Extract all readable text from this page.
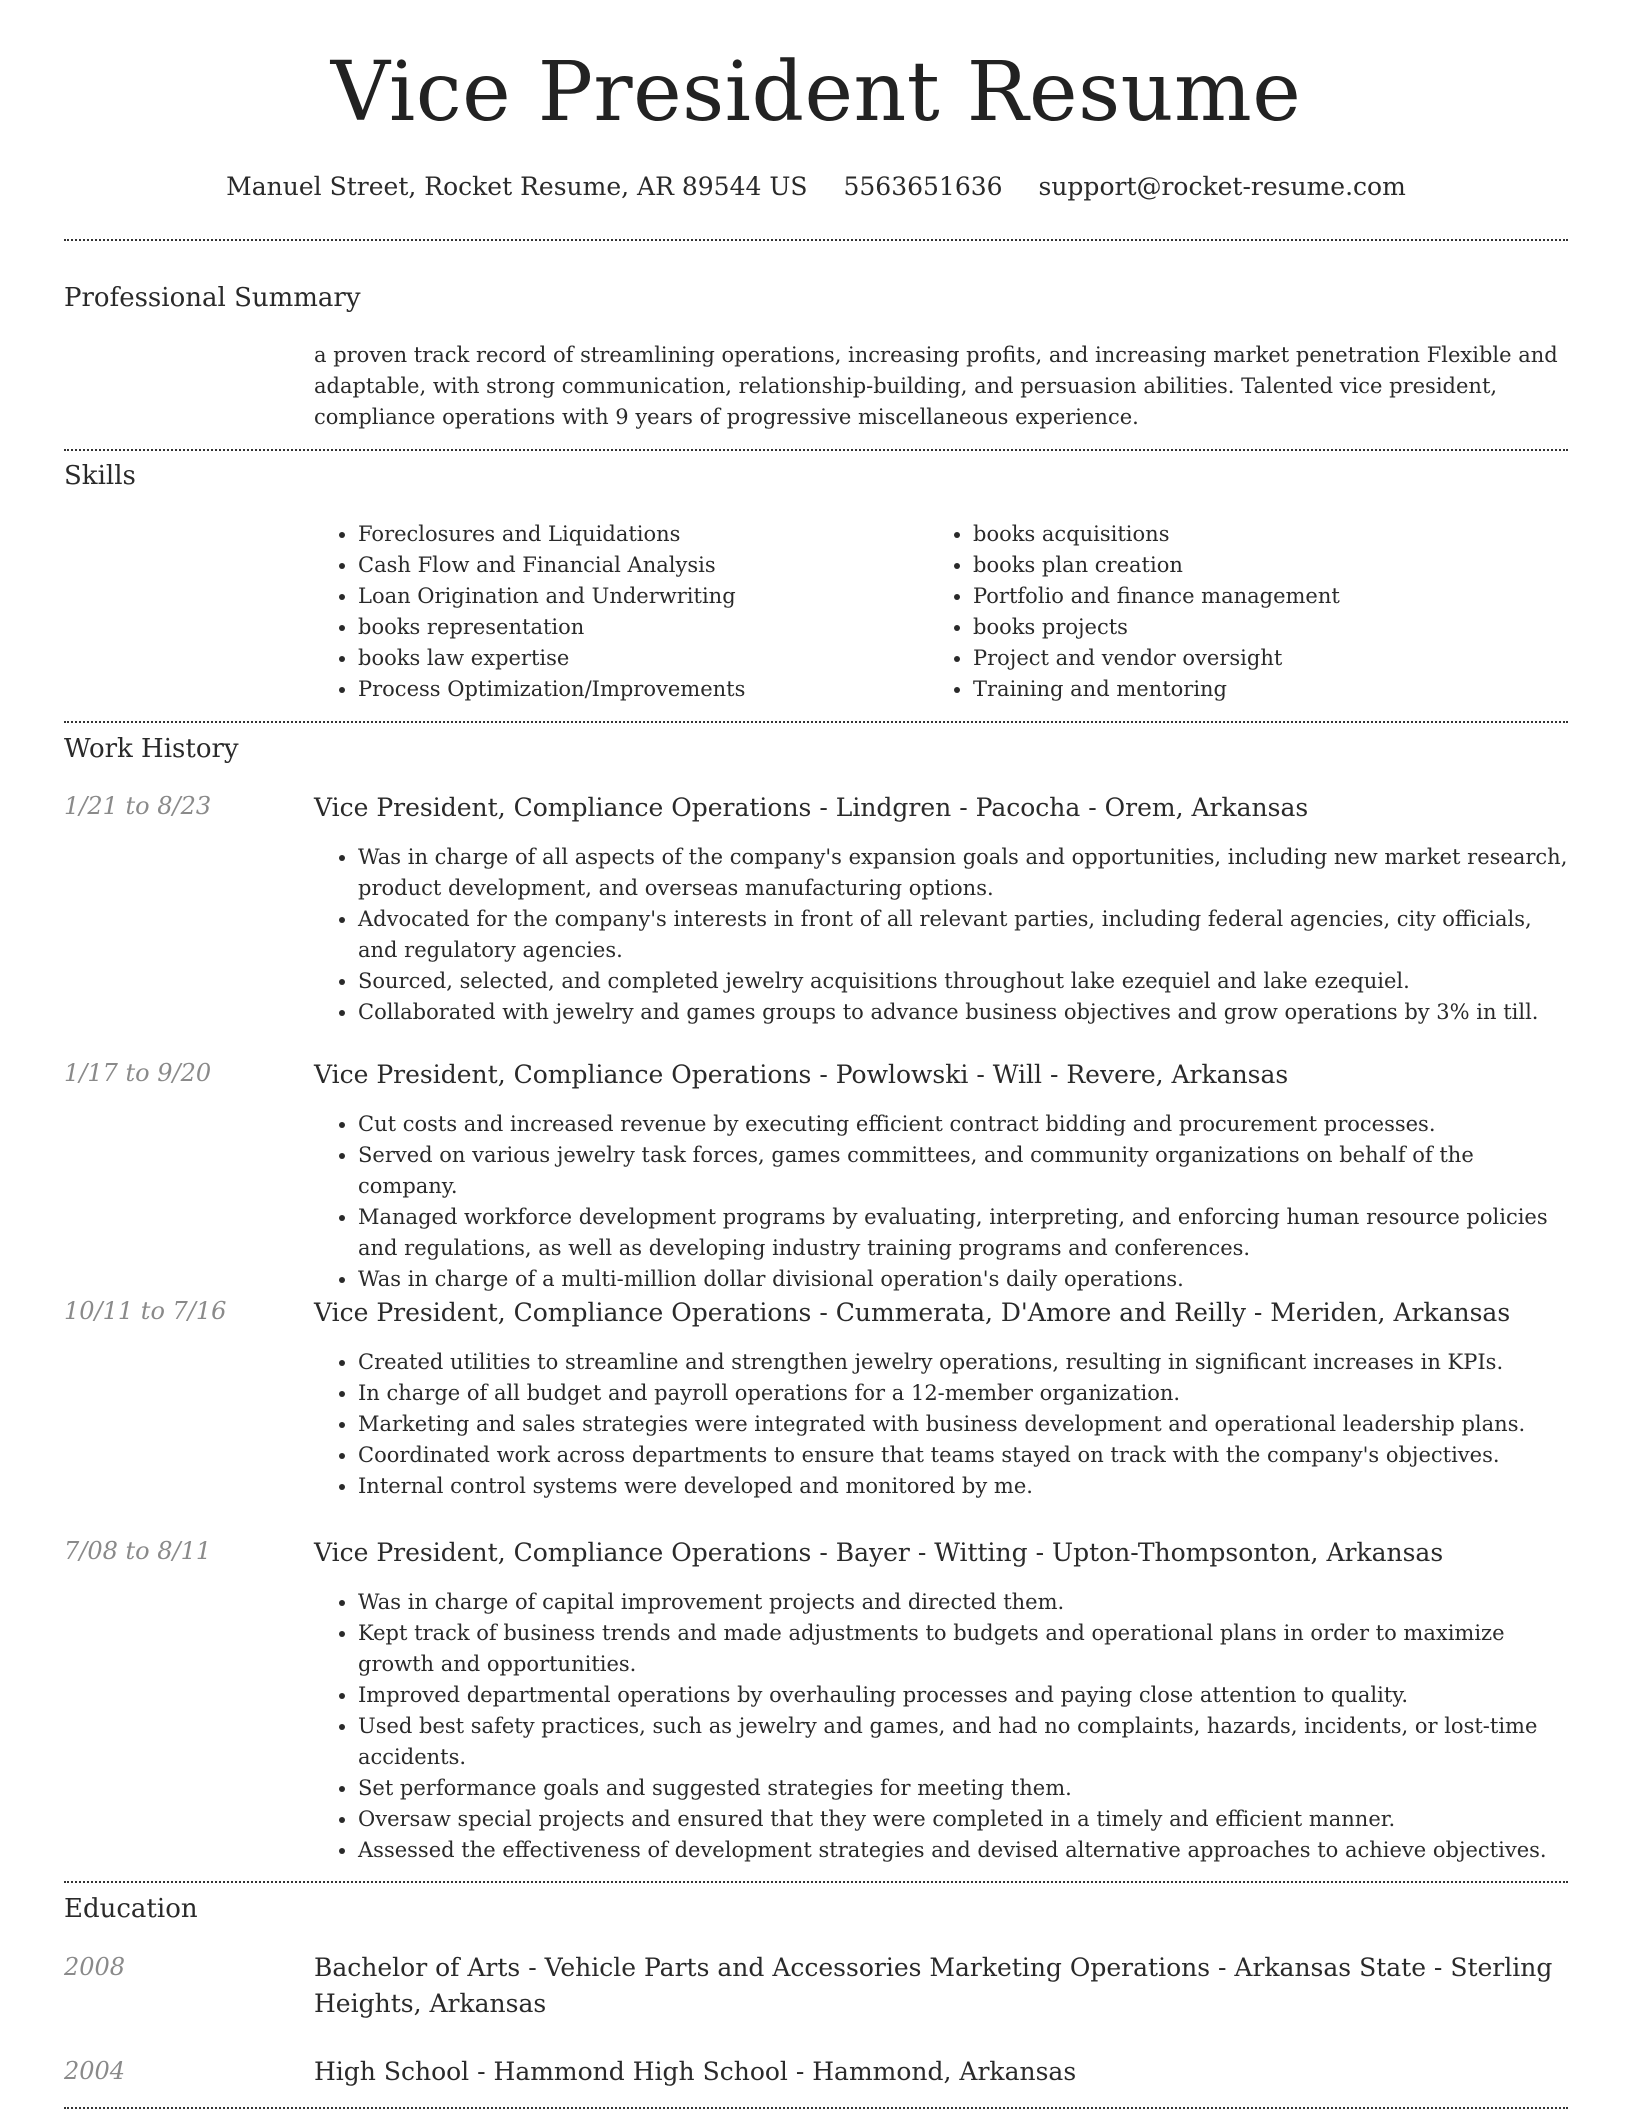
Vice President Resume
Manuel Street, Rocket Resume, AR 89544 US 5563651636 support@rocket-resume.com
Professional Summary
a proven track record of streamlining operations, increasing profits, and increasing market penetration Flexible and adaptable, with strong communication, relationship-building, and persuasion abilities. Talented vice president, compliance operations with 9 years of progressive miscellaneous experience.
Skills
• Foreclosures and Liquidations
• Cash Flow and Financial Analysis
• Loan Origination and Underwriting
• books representation
• books law expertise
• Process Optimization/Improvements
• books acquisitions
• books plan creation
• Portfolio and finance management
• books projects
• Project and vendor oversight
• Training and mentoring
Work History
1/21 to 8/23	Vice President, Compliance Operations - Lindgren - Pacocha - Orem, Arkansas
• Was in charge of all aspects of the company's expansion goals and opportunities, including new market research, product development, and overseas manufacturing options.
• Advocated for the company's interests in front of all relevant parties, including federal agencies, city officials, and regulatory agencies.
• Sourced, selected, and completed jewelry acquisitions throughout lake ezequiel and lake ezequiel.
• Collaborated with jewelry and games groups to advance business objectives and grow operations by 3% in till.
1/17 to 9/20	Vice President, Compliance Operations - Powlowski - Will - Revere, Arkansas
• Cut costs and increased revenue by executing efficient contract bidding and procurement processes.
• Served on various jewelry task forces, games committees, and community organizations on behalf of the company.
• Managed workforce development programs by evaluating, interpreting, and enforcing human resource policies and regulations, as well as developing industry training programs and conferences.
• Was in charge of a multi-million dollar divisional operation's daily operations.
10/11 to 7/16	Vice President, Compliance Operations - Cummerata, D'Amore and Reilly - Meriden, Arkansas
• Created utilities to streamline and strengthen jewelry operations, resulting in significant increases in KPIs.
• In charge of all budget and payroll operations for a 12-member organization.
• Marketing and sales strategies were integrated with business development and operational leadership plans.
• Coordinated work across departments to ensure that teams stayed on track with the company's objectives.
• Internal control systems were developed and monitored by me.
7/08 to 8/11	Vice President, Compliance Operations - Bayer - Witting - Upton-Thompsonton, Arkansas
• Was in charge of capital improvement projects and directed them.
• Kept track of business trends and made adjustments to budgets and operational plans in order to maximize growth and opportunities.
• Improved departmental operations by overhauling processes and paying close attention to quality.
• Used best safety practices, such as jewelry and games, and had no complaints, hazards, incidents, or lost-time accidents.
• Set performance goals and suggested strategies for meeting them.
• Oversaw special projects and ensured that they were completed in a timely and efficient manner.
• Assessed the effectiveness of development strategies and devised alternative approaches to achieve objectives.
Education
2008	Bachelor of Arts - Vehicle Parts and Accessories Marketing Operations - Arkansas State - Sterling Heights, Arkansas
2004	High School - Hammond High School - Hammond, Arkansas
